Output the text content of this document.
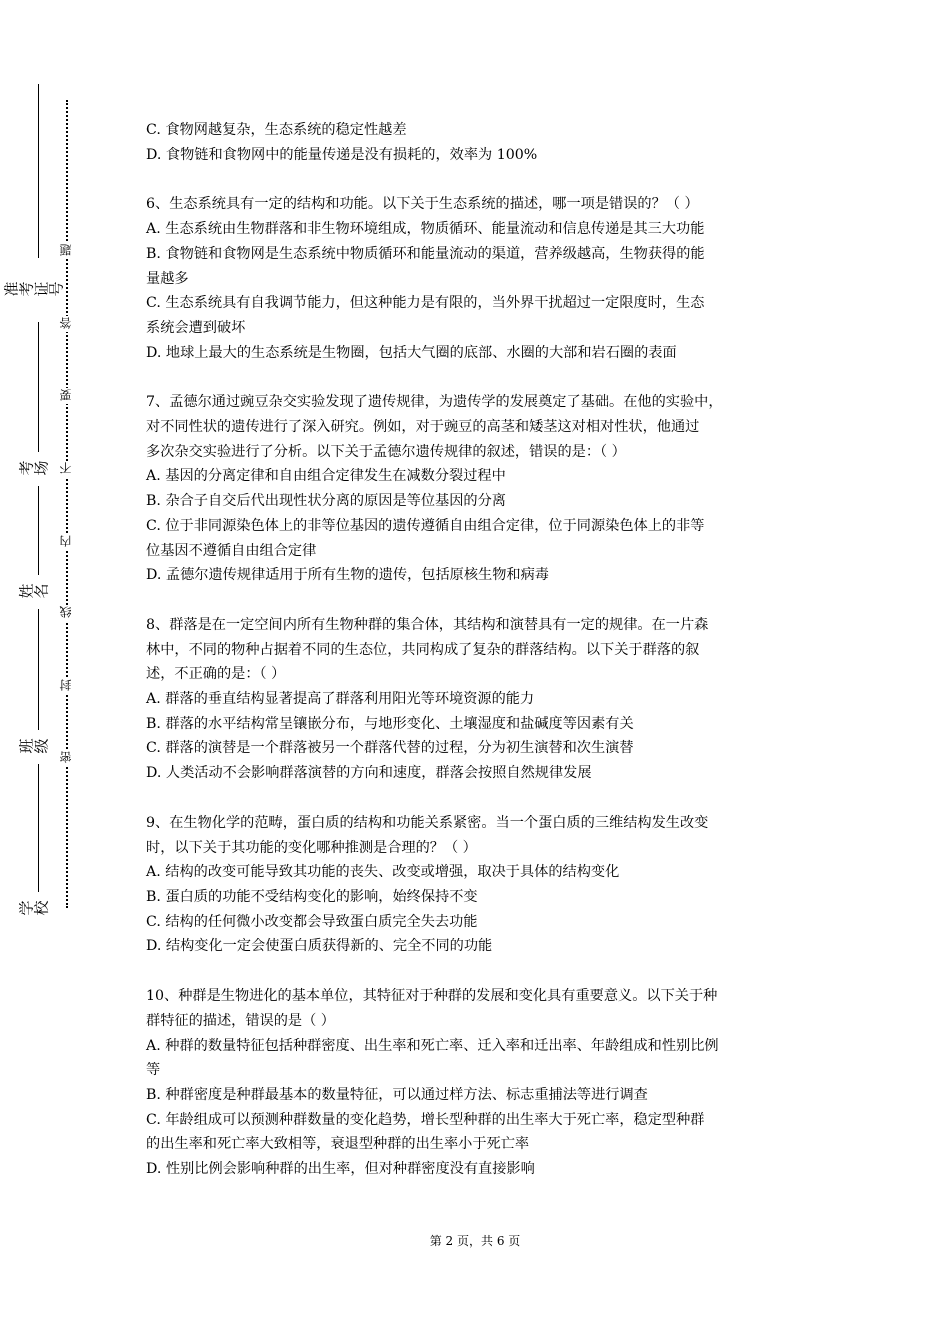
准考证号
考场
姓名
班级
学校
题
答
要
不
内
线
封
密
C. 食物网越复杂，生态系统的稳定性越差
D. 食物链和食物网中的能量传递是没有损耗的，效率为 100%
6、生态系统具有一定的结构和功能。以下关于生态系统的描述，哪一项是错误的？（ ）
A. 生态系统由生物群落和非生物环境组成，物质循环、能量流动和信息传递是其三大功能
B. 食物链和食物网是生态系统中物质循环和能量流动的渠道，营养级越高，生物获得的能
量越多
C. 生态系统具有自我调节能力，但这种能力是有限的，当外界干扰超过一定限度时，生态
系统会遭到破坏
D. 地球上最大的生态系统是生物圈，包括大气圈的底部、水圈的大部和岩石圈的表面
7、孟德尔通过豌豆杂交实验发现了遗传规律，为遗传学的发展奠定了基础。在他的实验中，
对不同性状的遗传进行了深入研究。例如，对于豌豆的高茎和矮茎这对相对性状，他通过
多次杂交实验进行了分析。以下关于孟德尔遗传规律的叙述，错误的是：（ ）
A. 基因的分离定律和自由组合定律发生在减数分裂过程中
B. 杂合子自交后代出现性状分离的原因是等位基因的分离
C. 位于非同源染色体上的非等位基因的遗传遵循自由组合定律，位于同源染色体上的非等
位基因不遵循自由组合定律
D. 孟德尔遗传规律适用于所有生物的遗传，包括原核生物和病毒
8、群落是在一定空间内所有生物种群的集合体，其结构和演替具有一定的规律。在一片森
林中，不同的物种占据着不同的生态位，共同构成了复杂的群落结构。以下关于群落的叙
述，不正确的是：（ ）
A. 群落的垂直结构显著提高了群落利用阳光等环境资源的能力
B. 群落的水平结构常呈镶嵌分布，与地形变化、土壤湿度和盐碱度等因素有关
C. 群落的演替是一个群落被另一个群落代替的过程，分为初生演替和次生演替
D. 人类活动不会影响群落演替的方向和速度，群落会按照自然规律发展
9、在生物化学的范畴，蛋白质的结构和功能关系紧密。当一个蛋白质的三维结构发生改变
时，以下关于其功能的变化哪种推测是合理的？（ ）
A. 结构的改变可能导致其功能的丧失、改变或增强，取决于具体的结构变化
B. 蛋白质的功能不受结构变化的影响，始终保持不变
C. 结构的任何微小改变都会导致蛋白质完全失去功能
D. 结构变化一定会使蛋白质获得新的、完全不同的功能
10、种群是生物进化的基本单位，其特征对于种群的发展和变化具有重要意义。以下关于种
群特征的描述，错误的是（ ）
A. 种群的数量特征包括种群密度、出生率和死亡率、迁入率和迁出率、年龄组成和性别比例
等
B. 种群密度是种群最基本的数量特征，可以通过样方法、标志重捕法等进行调查
C. 年龄组成可以预测种群数量的变化趋势，增长型种群的出生率大于死亡率，稳定型种群
的出生率和死亡率大致相等，衰退型种群的出生率小于死亡率
D. 性别比例会影响种群的出生率，但对种群密度没有直接影响
第 2 页，共 6 页
